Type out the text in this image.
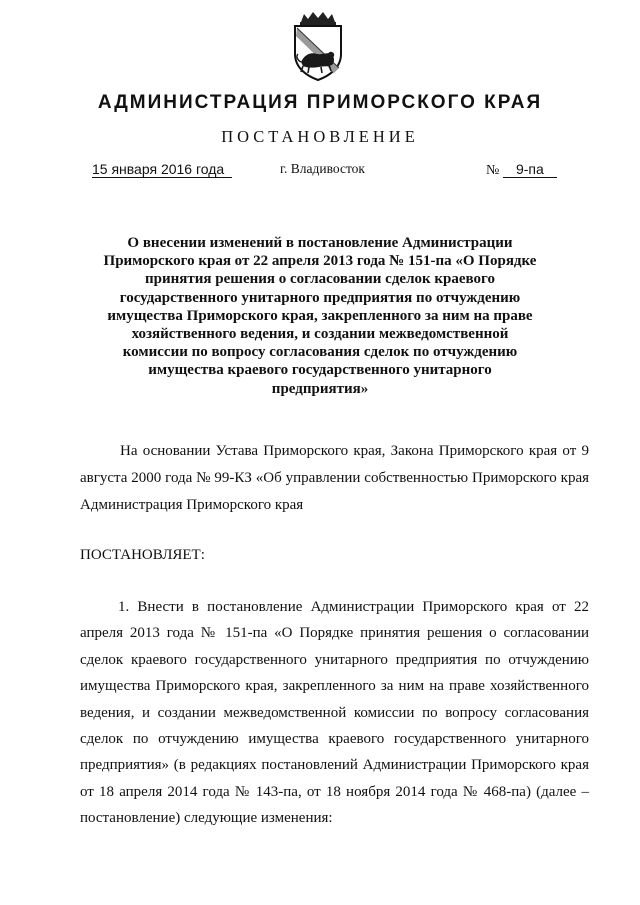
АДМИНИСТРАЦИЯ ПРИМОРСКОГО КРАЯ
ПОСТАНОВЛЕНИЕ
15 января 2016 года	г. Владивосток	№ 9-па
О внесении изменений в постановление Администрации Приморского края от 22 апреля 2013 года № 151-па «О Порядке принятия решения о согласовании сделок краевого государственного унитарного предприятия по отчуждению имущества Приморского края, закрепленного за ним на праве хозяйственного ведения, и создании межведомственной комиссии по вопросу согласования сделок по отчуждению имущества краевого государственного унитарного предприятия»
На основании Устава Приморского края, Закона Приморского края от 9 августа 2000 года № 99-КЗ «Об управлении собственностью Приморского края Администрация Приморского края
ПОСТАНОВЛЯЕТ:
1. Внести в постановление Администрации Приморского края от 22 апреля 2013 года № 151-па «О Порядке принятия решения о согласовании сделок краевого государственного унитарного предприятия по отчуждению имущества Приморского края, закрепленного за ним на праве хозяйственного ведения, и создании межведомственной комиссии по вопросу согласования сделок по отчуждению имущества краевого государственного унитарного предприятия» (в редакциях постановлений Администрации Приморского края от 18 апреля 2014 года № 143-па, от 18 ноября 2014 года № 468-па) (далее – постановление) следующие изменения:
